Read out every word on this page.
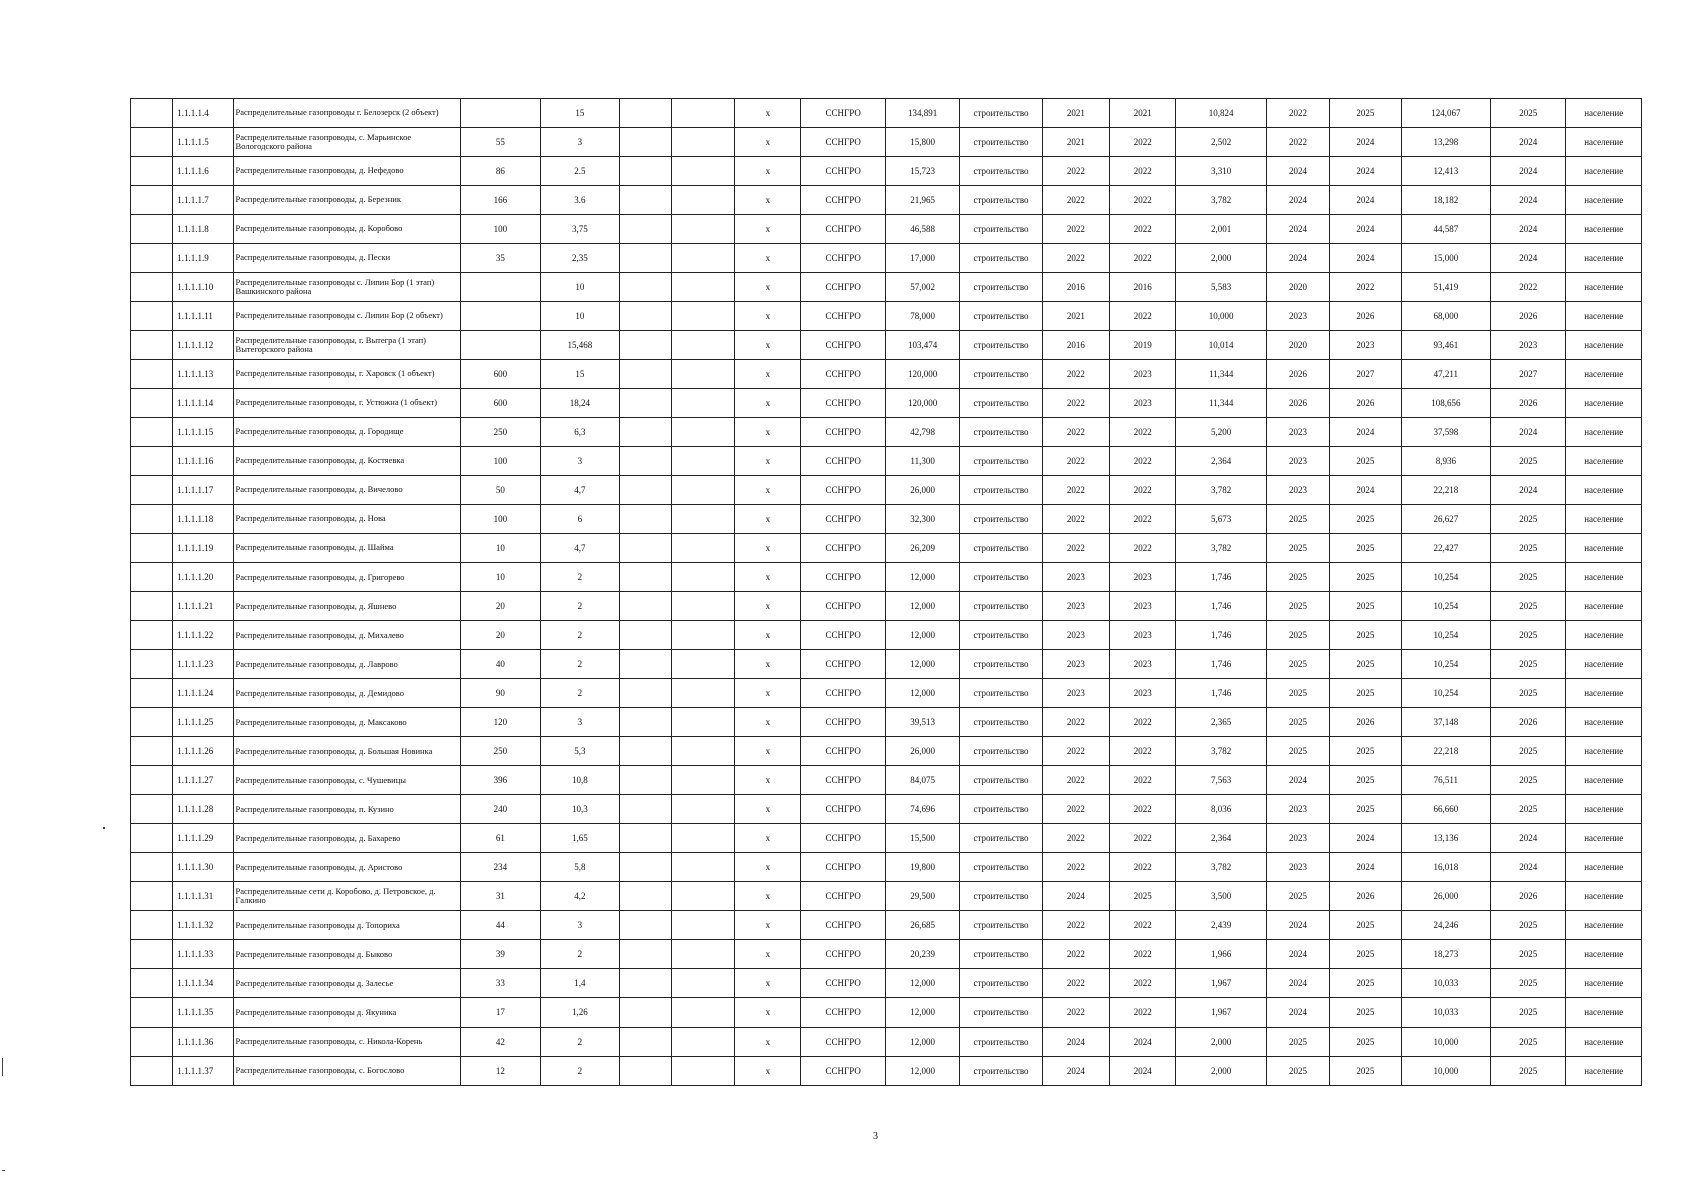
	1.1.1.1.4	Распределительные газопроводы г. Белозерск (2 объект)		15			х	ССНГРО	134,891	строительство	2021	2021	10,824	2022	2025	124,067	2025	население
	1.1.1.1.5	Распределительные газопроводы, с. Марьинское Вологодского района	55	3			х	ССНГРО	15,800	строительство	2021	2022	2,502	2022	2024	13,298	2024	население
	1.1.1.1.6	Распределительные газопроводы, д. Нефедово	86	2.5			х	ССНГРО	15,723	строительство	2022	2022	3,310	2024	2024	12,413	2024	население
	1.1.1.1.7	Распределительные газопроводы, д. Березник	166	3.6			х	ССНГРО	21,965	строительство	2022	2022	3,782	2024	2024	18,182	2024	население
	1.1.1.1.8	Распределительные газопроводы, д. Коробово	100	3,75			х	ССНГРО	46,588	строительство	2022	2022	2,001	2024	2024	44,587	2024	население
	1.1.1.1.9	Распределительные газопроводы, д. Пески	35	2,35			х	ССНГРО	17,000	строительство	2022	2022	2,000	2024	2024	15,000	2024	население
	1.1.1.1.10	Распределительные газопроводы с. Липин Бор (1 этап) Вашкинского района		10			х	ССНГРО	57,002	строительство	2016	2016	5,583	2020	2022	51,419	2022	население
	1.1.1.1.11	Распределительные газопроводы с. Липин Бор (2 объект)		10			х	ССНГРО	78,000	строительство	2021	2022	10,000	2023	2026	68,000	2026	население
	1.1.1.1.12	Распределительные газопроводы, г. Вытегра (1 этап) Вытегорского района		15,468			х	ССНГРО	103,474	строительство	2016	2019	10,014	2020	2023	93,461	2023	население
	1.1.1.1.13	Распределительные газопроводы, г. Харовск (1 объект)	600	15			х	ССНГРО	120,000	строительство	2022	2023	11,344	2026	2027	47,211	2027	население
	1.1.1.1.14	Распределительные газопроводы, г. Устюжна (1 объект)	600	18,24			х	ССНГРО	120,000	строительство	2022	2023	11,344	2026	2026	108,656	2026	население
	1.1.1.1.15	Распределительные газопроводы, д. Городище	250	6,3			х	ССНГРО	42,798	строительство	2022	2022	5,200	2023	2024	37,598	2024	население
	1.1.1.1.16	Распределительные газопроводы, д. Костяевка	100	3			х	ССНГРО	11,300	строительство	2022	2022	2,364	2023	2025	8,936	2025	население
	1.1.1.1.17	Распределительные газопроводы, д. Вичелово	50	4,7			х	ССНГРО	26,000	строительство	2022	2022	3,782	2023	2024	22,218	2024	население
	1.1.1.1.18	Распределительные газопроводы, д. Нова	100	6			х	ССНГРО	32,300	строительство	2022	2022	5,673	2025	2025	26,627	2025	население
	1.1.1.1.19	Распределительные газопроводы, д. Шайма	10	4,7			х	ССНГРО	26,209	строительство	2022	2022	3,782	2025	2025	22,427	2025	население
	1.1.1.1.20	Распределительные газопроводы, д. Григорево	10	2			х	ССНГРО	12,000	строительство	2023	2023	1,746	2025	2025	10,254	2025	население
	1.1.1.1.21	Распределительные газопроводы, д. Яшнево	20	2			х	ССНГРО	12,000	строительство	2023	2023	1,746	2025	2025	10,254	2025	население
	1.1.1.1.22	Распределительные газопроводы, д. Михалево	20	2			х	ССНГРО	12,000	строительство	2023	2023	1,746	2025	2025	10,254	2025	население
	1.1.1.1.23	Распределительные газопроводы, д. Лаврово	40	2			х	ССНГРО	12,000	строительство	2023	2023	1,746	2025	2025	10,254	2025	население
	1.1.1.1.24	Распределительные газопроводы, д. Демидово	90	2			х	ССНГРО	12,000	строительство	2023	2023	1,746	2025	2025	10,254	2025	население
	1.1.1.1.25	Распределительные газопроводы, д. Максаково	120	3			х	ССНГРО	39,513	строительство	2022	2022	2,365	2025	2026	37,148	2026	население
	1.1.1.1.26	Распределительные газопроводы, д. Большая Новинка	250	5,3			х	ССНГРО	26,000	строительство	2022	2022	3,782	2025	2025	22,218	2025	население
	1.1.1.1.27	Распределительные газопроводы, с. Чушевицы	396	10,8			х	ССНГРО	84,075	строительство	2022	2022	7,563	2024	2025	76,511	2025	население
	1.1.1.1.28	Распределительные газопроводы, п. Кузино	240	10,3			х	ССНГРО	74,696	строительство	2022	2022	8,036	2023	2025	66,660	2025	население
	1.1.1.1.29	Распределительные газопроводы, д. Бахарево	61	1,65			х	ССНГРО	15,500	строительство	2022	2022	2,364	2023	2024	13,136	2024	население
	1.1.1.1.30	Распределительные газопроводы, д. Аристово	234	5,8			х	ССНГРО	19,800	строительство	2022	2022	3,782	2023	2024	16,018	2024	население
	1.1.1.1.31	Распределительные сети д. Коробово, д. Петровское, д. Галкино	31	4,2			х	ССНГРО	29,500	строительство	2024	2025	3,500	2025	2026	26,000	2026	население
	1.1.1.1.32	Распределительные газопроводы д. Топориха	44	3			х	ССНГРО	26,685	строительство	2022	2022	2,439	2024	2025	24,246	2025	население
	1.1.1.1.33	Распределительные газопроводы д. Быково	39	2			х	ССНГРО	20,239	строительство	2022	2022	1,966	2024	2025	18,273	2025	население
	1.1.1.1.34	Распределительные газопроводы д. Залесье	33	1,4			х	ССНГРО	12,000	строительство	2022	2022	1,967	2024	2025	10,033	2025	население
	1.1.1.1.35	Распределительные газопроводы д. Якуника	17	1,26			х	ССНГРО	12,000	строительство	2022	2022	1,967	2024	2025	10,033	2025	население
	1.1.1.1.36	Распределительные газопроводы, с. Никола-Корень	42	2			х	ССНГРО	12,000	строительство	2024	2024	2,000	2025	2025	10,000	2025	население
	1.1.1.1.37	Распределительные газопроводы, с. Богослово	12	2			х	ССНГРО	12,000	строительство	2024	2024	2,000	2025	2025	10,000	2025	население
3
